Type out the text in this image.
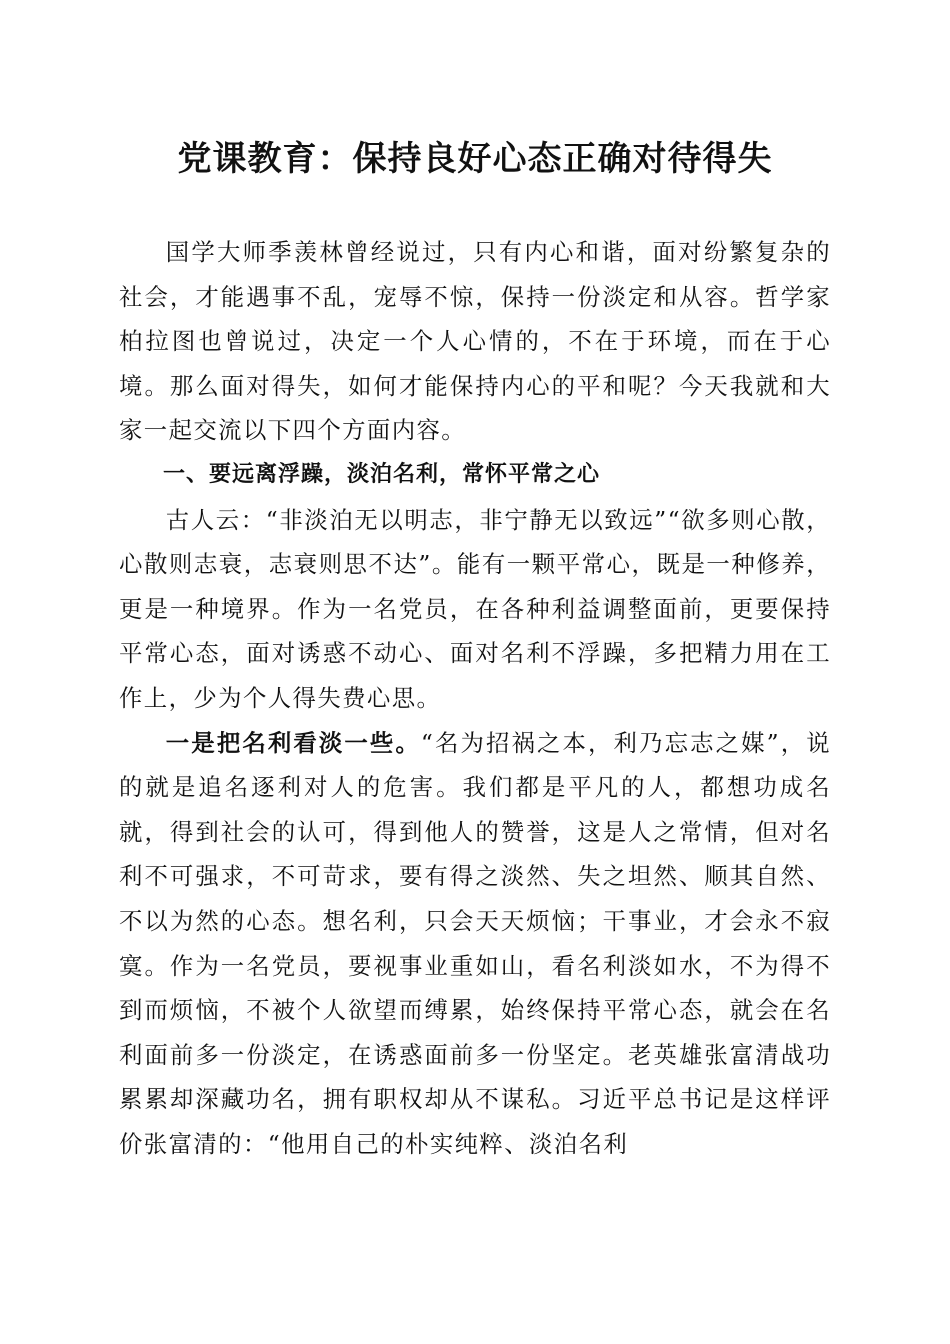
党课教育：保持良好心态正确对待得失

国学大师季羡林曾经说过，只有内心和谐，面对纷繁复杂的社会，才能遇事不乱，宠辱不惊，保持一份淡定和从容。哲学家柏拉图也曾说过，决定一个人心情的，不在于环境，而在于心境。那么面对得失，如何才能保持内心的平和呢？今天我就和大家一起交流以下四个方面内容。

一、要远离浮躁，淡泊名利，常怀平常之心

古人云：“非淡泊无以明志，非宁静无以致远”“欲多则心散，心散则志衰，志衰则思不达”。能有一颗平常心，既是一种修养，更是一种境界。作为一名党员，在各种利益调整面前，更要保持平常心态，面对诱惑不动心、面对名利不浮躁，多把精力用在工作上，少为个人得失费心思。

一是把名利看淡一些。“名为招祸之本，利乃忘志之媒”，说的就是追名逐利对人的危害。我们都是平凡的人，都想功成名就，得到社会的认可，得到他人的赞誉，这是人之常情，但对名利不可强求，不可苛求，要有得之淡然、失之坦然、顺其自然、不以为然的心态。想名利，只会天天烦恼；干事业，才会永不寂寞。作为一名党员，要视事业重如山，看名利淡如水，不为得不到而烦恼，不被个人欲望而缚累，始终保持平常心态，就会在名利面前多一份淡定，在诱惑面前多一份坚定。老英雄张富清战功累累却深藏功名，拥有职权却从不谋私。习近平总书记是这样评价张富清的：“他用自己的朴实纯粹、淡泊名利
